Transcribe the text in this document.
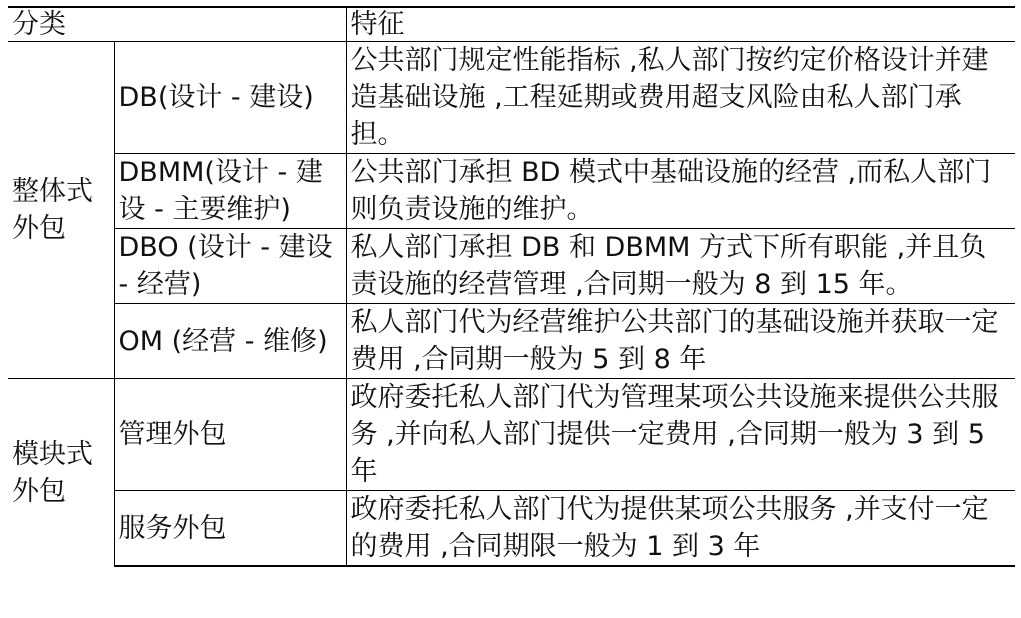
分类		特征
整体式外包	DB(设计 - 建设)	公共部门规定性能指标 ,私人部门按约定价格设计并建造基础设施 ,工程延期或费用超支风险由私人部门承担。
	DBMM(设计 - 建设 - 主要维护)	公共部门承担 BD 模式中基础设施的经营 ,而私人部门则负责设施的维护。
	DBO (设计 - 建设 - 经营)	私人部门承担 DB 和 DBMM 方式下所有职能 ,并且负责设施的经营管理 ,合同期一般为 8 到 15 年。
	OM (经营 - 维修)	私人部门代为经营维护公共部门的基础设施并获取一定费用 ,合同期一般为 5 到 8 年
模块式外包	管理外包	政府委托私人部门代为管理某项公共设施来提供公共服务 ,并向私人部门提供一定费用 ,合同期一般为 3 到 5 年
	服务外包	政府委托私人部门代为提供某项公共服务 ,并支付一定的费用 ,合同期限一般为 1 到 3 年
